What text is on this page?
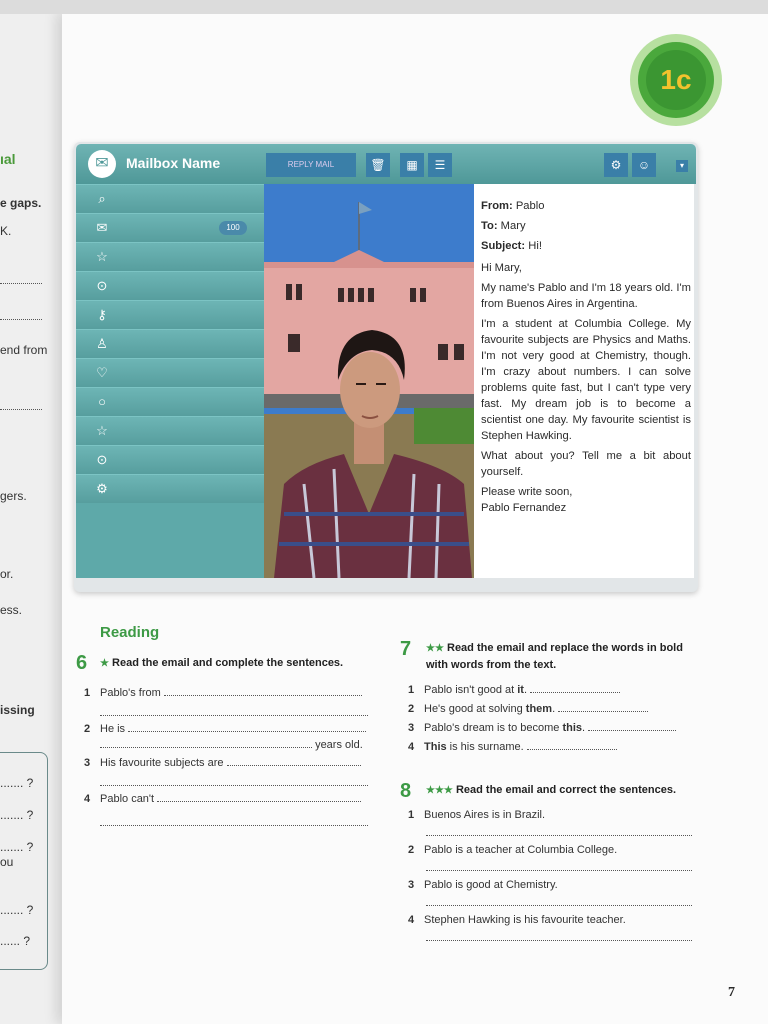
ıal
e gaps.
K.
end from
gers.
or.
ess.
issing
....... ?
....... ?
....... ?
ou
....... ?
...... ?
1c
✉	Mailbox Name	REPLY MAIL	🗑	▦	☰	⚙	☺	▾
⌕
✉	100
☆
⊙
⚷
♙
♡
○
☆
⊙
⚙

From: Pablo

To: Mary

Subject: Hi!

Hi Mary,

My name's Pablo and I'm 18 years old. I'm from Buenos Aires in Argentina.

I'm a student at Columbia College. My favourite subjects are Physics and Maths. I'm not very good at Chemistry, though. I'm crazy about numbers. I can solve problems quite fast, but I can't type very fast. My dream job is to become a scientist one day. My favourite scientist is Stephen Hawking.

What about you? Tell me a bit about yourself.

Please write soon,

Pablo Fernandez

Reading
6 ★ Read the email and complete the sentences.
1 Pablo's from
2 He is
years old.
3 His favourite subjects are
4 Pablo can't
7 ★★ Read the email and replace the words in bold with words from the text.
1 Pablo isn't good at it.
2 He's good at solving them.
3 Pablo's dream is to become this.
4 This is his surname.
8 ★★★ Read the email and correct the sentences.
1 Buenos Aires is in Brazil.
2 Pablo is a teacher at Columbia College.
3 Pablo is good at Chemistry.
4 Stephen Hawking is his favourite teacher.
7
